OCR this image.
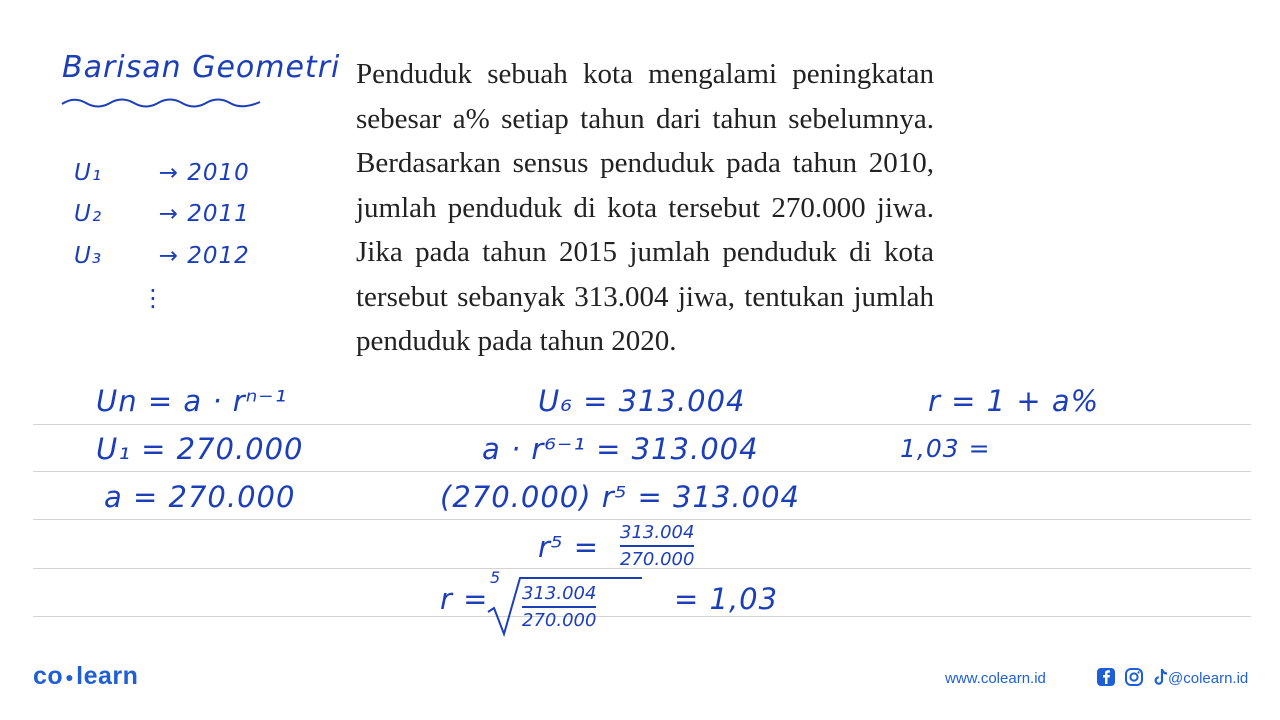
Barisan Geometri
U₁ → 2010
U₂ → 2011
U₃ → 2012
⋮

Penduduk sebuah kota mengalami peningkatan sebesar a% setiap tahun dari tahun sebelumnya. Berdasarkan sensus penduduk pada tahun 2010, jumlah penduduk di kota tersebut 270.000 jiwa. Jika pada tahun 2015 jumlah penduduk di kota tersebut sebanyak 313.004 jiwa, tentukan jumlah penduduk pada tahun 2020.

Un = a · rⁿ⁻¹
U₁ = 270.000
a = 270.000
U₆ = 313.004
a · r⁶⁻¹ = 313.004
(270.000) r⁵ = 313.004
r⁵ = 313.004
270.000
r =
5
313.004
270.000
= 1,03
r = 1 + a%
1,03 =
co ●learn	www.colearn.id	@colearn.id
